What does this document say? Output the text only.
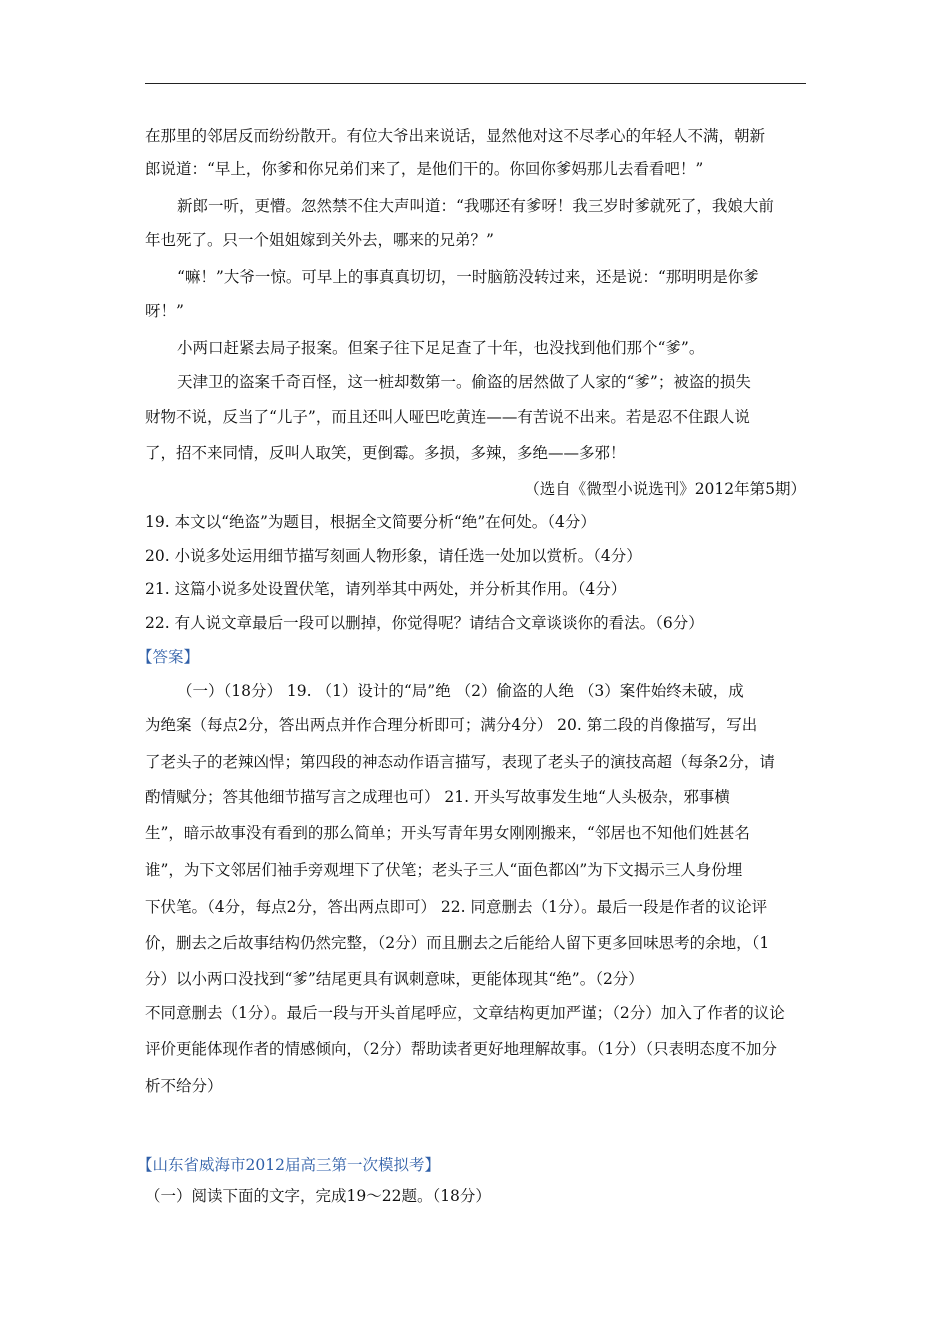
在那里的邻居反而纷纷散开。有位大爷出来说话，显然他对这不尽孝心的年轻人不满，朝新
郎说道：“早上，你爹和你兄弟们来了，是他们干的。你回你爹妈那儿去看看吧！”
新郎一听，更懵。忽然禁不住大声叫道：“我哪还有爹呀！我三岁时爹就死了，我娘大前
年也死了。只一个姐姐嫁到关外去，哪来的兄弟？”
“嘛！”大爷一惊。可早上的事真真切切，一时脑筋没转过来，还是说：“那明明是你爹
呀！”
小两口赶紧去局子报案。但案子往下足足查了十年，也没找到他们那个“爹”。
天津卫的盗案千奇百怪，这一桩却数第一。偷盗的居然做了人家的“爹”；被盗的损失
财物不说，反当了“儿子”，而且还叫人哑巴吃黄连——有苦说不出来。若是忍不住跟人说
了，招不来同情，反叫人取笑，更倒霉。多损，多辣，多绝——多邪！
（选自《微型小说选刊》2012年第5期）
19. 本文以“绝盗”为题目，根据全文简要分析“绝”在何处。（4分）
20. 小说多处运用细节描写刻画人物形象，请任选一处加以赏析。（4分）
21. 这篇小说多处设置伏笔，请列举其中两处，并分析其作用。（4分）
22. 有人说文章最后一段可以删掉，你觉得呢？请结合文章谈谈你的看法。（6分）
【答案】
（一）（18分） 19. （1）设计的“局”绝 （2）偷盗的人绝 （3）案件始终未破，成
为绝案（每点2分，答出两点并作合理分析即可；满分4分） 20. 第二段的肖像描写，写出
了老头子的老辣凶悍；第四段的神态动作语言描写，表现了老头子的演技高超（每条2分，请
酌情赋分；答其他细节描写言之成理也可） 21. 开头写故事发生地“人头极杂，邪事横
生”，暗示故事没有看到的那么简单；开头写青年男女刚刚搬来，“邻居也不知他们姓甚名
谁”，为下文邻居们袖手旁观埋下了伏笔；老头子三人“面色都凶”为下文揭示三人身份埋
下伏笔。（4分，每点2分，答出两点即可） 22. 同意删去（1分）。最后一段是作者的议论评
价，删去之后故事结构仍然完整，（2分）而且删去之后能给人留下更多回味思考的余地，（1
分）以小两口没找到“爹”结尾更具有讽刺意味，更能体现其“绝”。（2分）
不同意删去（1分）。最后一段与开头首尾呼应，文章结构更加严谨；（2分）加入了作者的议论
评价更能体现作者的情感倾向，（2分）帮助读者更好地理解故事。（1分）（只表明态度不加分
析不给分）
【山东省威海市2012届高三第一次模拟考】
（一）阅读下面的文字，完成19～22题。（18分）
